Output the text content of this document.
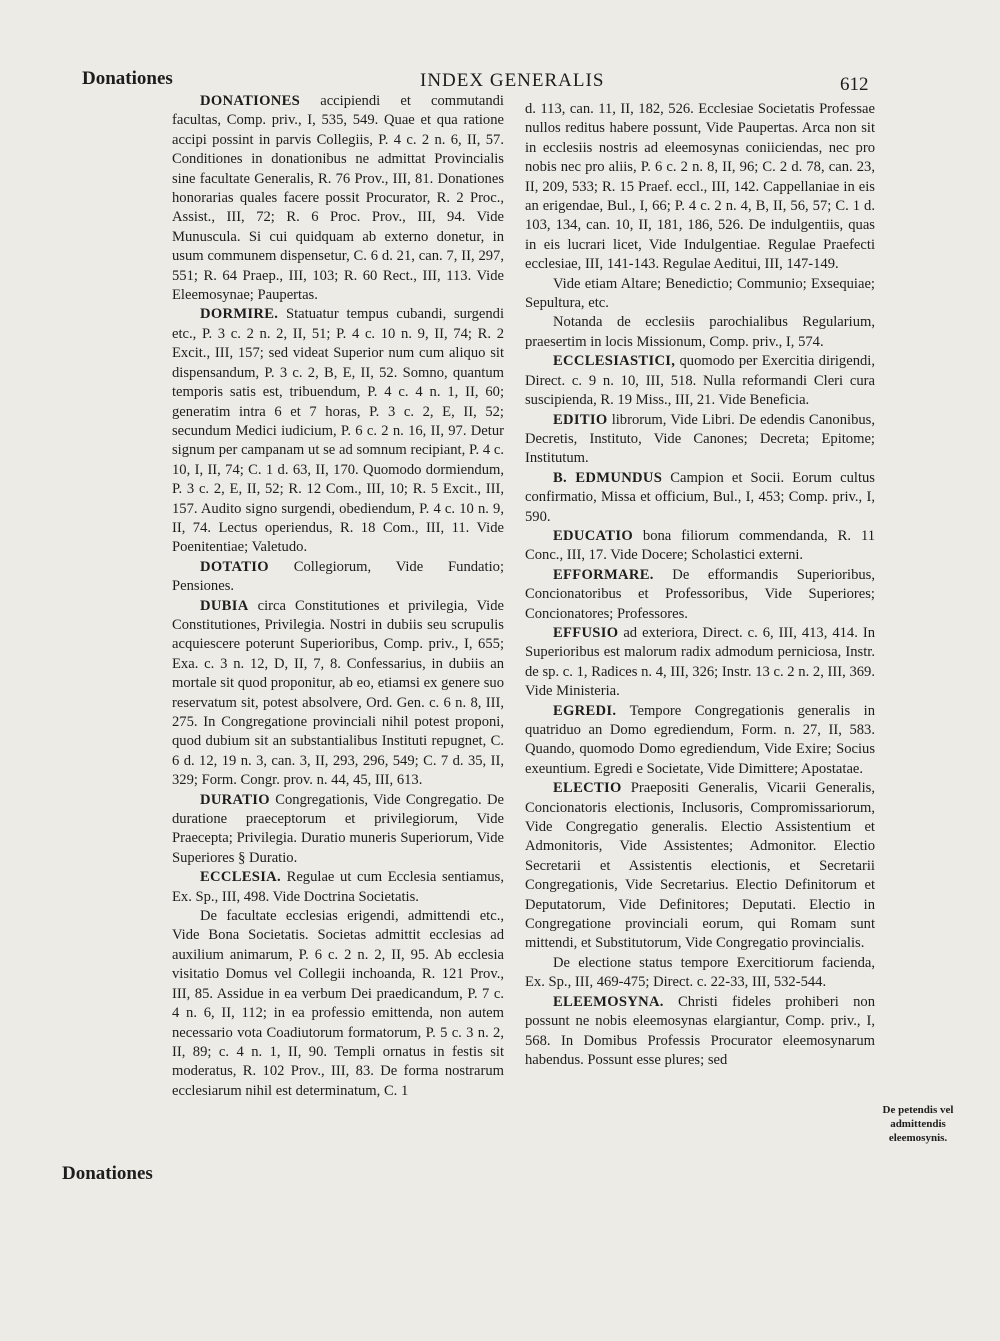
Donationes	INDEX GENERALIS	612

DONATIONES accipiendi et commutandi facultas, Comp. priv., I, 535, 549. Quae et qua ratione accipi possint in parvis Collegiis, P. 4 c. 2 n. 6, II, 57. Conditiones in donationibus ne admittat Provincialis sine facultate Generalis, R. 76 Prov., III, 81. Donationes honorarias quales facere possit Procurator, R. 2 Proc., Assist., III, 72; R. 6 Proc. Prov., III, 94. Vide Munuscula. Si cui quidquam ab externo donetur, in usum communem dispensetur, C. 6 d. 21, can. 7, II, 297, 551; R. 64 Praep., III, 103; R. 60 Rect., III, 113. Vide Eleemosynae; Paupertas.

DORMIRE. Statuatur tempus cubandi, surgendi etc., P. 3 c. 2 n. 2, II, 51; P. 4 c. 10 n. 9, II, 74; R. 2 Excit., III, 157; sed videat Superior num cum aliquo sit dispensandum, P. 3 c. 2, B, E, II, 52. Somno, quantum temporis satis est, tribuendum, P. 4 c. 4 n. 1, II, 60; generatim intra 6 et 7 horas, P. 3 c. 2, E, II, 52; secundum Medici iudicium, P. 6 c. 2 n. 16, II, 97. Detur signum per campanam ut se ad somnum recipiant, P. 4 c. 10, I, II, 74; C. 1 d. 63, II, 170. Quomodo dormiendum, P. 3 c. 2, E, II, 52; R. 12 Com., III, 10; R. 5 Excit., III, 157. Audito signo surgendi, obediendum, P. 4 c. 10 n. 9, II, 74. Lectus operiendus, R. 18 Com., III, 11. Vide Poenitentiae; Valetudo.

DOTATIO Collegiorum, Vide Fundatio; Pensiones.

DUBIA circa Constitutiones et privilegia, Vide Constitutiones, Privilegia. Nostri in dubiis seu scrupulis acquiescere poterunt Superioribus, Comp. priv., I, 655; Exa. c. 3 n. 12, D, II, 7, 8. Confessarius, in dubiis an mortale sit quod proponitur, ab eo, etiamsi ex genere suo reservatum sit, potest absolvere, Ord. Gen. c. 6 n. 8, III, 275. In Congregatione provinciali nihil potest proponi, quod dubium sit an substantialibus Instituti repugnet, C. 6 d. 12, 19 n. 3, can. 3, II, 293, 296, 549; C. 7 d. 35, II, 329; Form. Congr. prov. n. 44, 45, III, 613.

DURATIO Congregationis, Vide Congregatio. De duratione praeceptorum et privilegiorum, Vide Praecepta; Privilegia. Duratio muneris Superiorum, Vide Superiores § Duratio.

ECCLESIA. Regulae ut cum Ecclesia sentiamus, Ex. Sp., III, 498. Vide Doctrina Societatis.

De facultate ecclesias erigendi, admittendi etc., Vide Bona Societatis. Societas admittit ecclesias ad auxilium animarum, P. 6 c. 2 n. 2, II, 95. Ab ecclesia visitatio Domus vel Collegii inchoanda, R. 121 Prov., III, 85. Assidue in ea verbum Dei praedicandum, P. 7 c. 4 n. 6, II, 112; in ea professio emittenda, non autem necessario vota Coadiutorum formatorum, P. 5 c. 3 n. 2, II, 89; c. 4 n. 1, II, 90. Templi ornatus in festis sit moderatus, R. 102 Prov., III, 83. De forma nostrarum ecclesiarum nihil est determinatum, C. 1

d. 113, can. 11, II, 182, 526. Ecclesiae Societatis Professae nullos reditus habere possunt, Vide Paupertas. Arca non sit in ecclesiis nostris ad eleemosynas coniiciendas, nec pro nobis nec pro aliis, P. 6 c. 2 n. 8, II, 96; C. 2 d. 78, can. 23, II, 209, 533; R. 15 Praef. eccl., III, 142. Cappellaniae in eis an erigendae, Bul., I, 66; P. 4 c. 2 n. 4, B, II, 56, 57; C. 1 d. 103, 134, can. 10, II, 181, 186, 526. De indulgentiis, quas in eis lucrari licet, Vide Indulgentiae. Regulae Praefecti ecclesiae, III, 141-143. Regulae Aeditui, III, 147-149.

Vide etiam Altare; Benedictio; Communio; Exsequiae; Sepultura, etc.

Notanda de ecclesiis parochialibus Regularium, praesertim in locis Missionum, Comp. priv., I, 574.

ECCLESIASTICI, quomodo per Exercitia dirigendi, Direct. c. 9 n. 10, III, 518. Nulla reformandi Cleri cura suscipienda, R. 19 Miss., III, 21. Vide Beneficia.

EDITIO librorum, Vide Libri. De edendis Canonibus, Decretis, Instituto, Vide Canones; Decreta; Epitome; Institutum.

B. EDMUNDUS Campion et Socii. Eorum cultus confirmatio, Missa et officium, Bul., I, 453; Comp. priv., I, 590.

EDUCATIO bona filiorum commendanda, R. 11 Conc., III, 17. Vide Docere; Scholastici externi.

EFFORMARE. De efformandis Superioribus, Concionatoribus et Professoribus, Vide Superiores; Concionatores; Professores.

EFFUSIO ad exteriora, Direct. c. 6, III, 413, 414. In Superioribus est malorum radix admodum perniciosa, Instr. de sp. c. 1, Radices n. 4, III, 326; Instr. 13 c. 2 n. 2, III, 369. Vide Ministeria.

EGREDI. Tempore Congregationis generalis in quatriduo an Domo egrediendum, Form. n. 27, II, 583. Quando, quomodo Domo egrediendum, Vide Exire; Socius exeuntium. Egredi e Societate, Vide Dimittere; Apostatae.

ELECTIO Praepositi Generalis, Vicarii Generalis, Concionatoris electionis, Inclusoris, Compromissariorum, Vide Congregatio generalis. Electio Assistentium et Admonitoris, Vide Assistentes; Admonitor. Electio Secretarii et Assistentis electionis, et Secretarii Congregationis, Vide Secretarius. Electio Definitorum et Deputatorum, Vide Definitores; Deputati. Electio in Congregatione provinciali eorum, qui Romam sunt mittendi, et Substitutorum, Vide Congregatio provincialis.

De electione status tempore Exercitiorum facienda, Ex. Sp., III, 469-475; Direct. c. 22-33, III, 532-544.

ELEEMOSYNA. Christi fideles prohiberi non possunt ne nobis eleemosynas elargiantur, Comp. priv., I, 568. In Domibus Professis Procurator eleemosynarum habendus. Possunt esse plures; sed

De petendis vel admittendis eleemosynis.
Donationes
